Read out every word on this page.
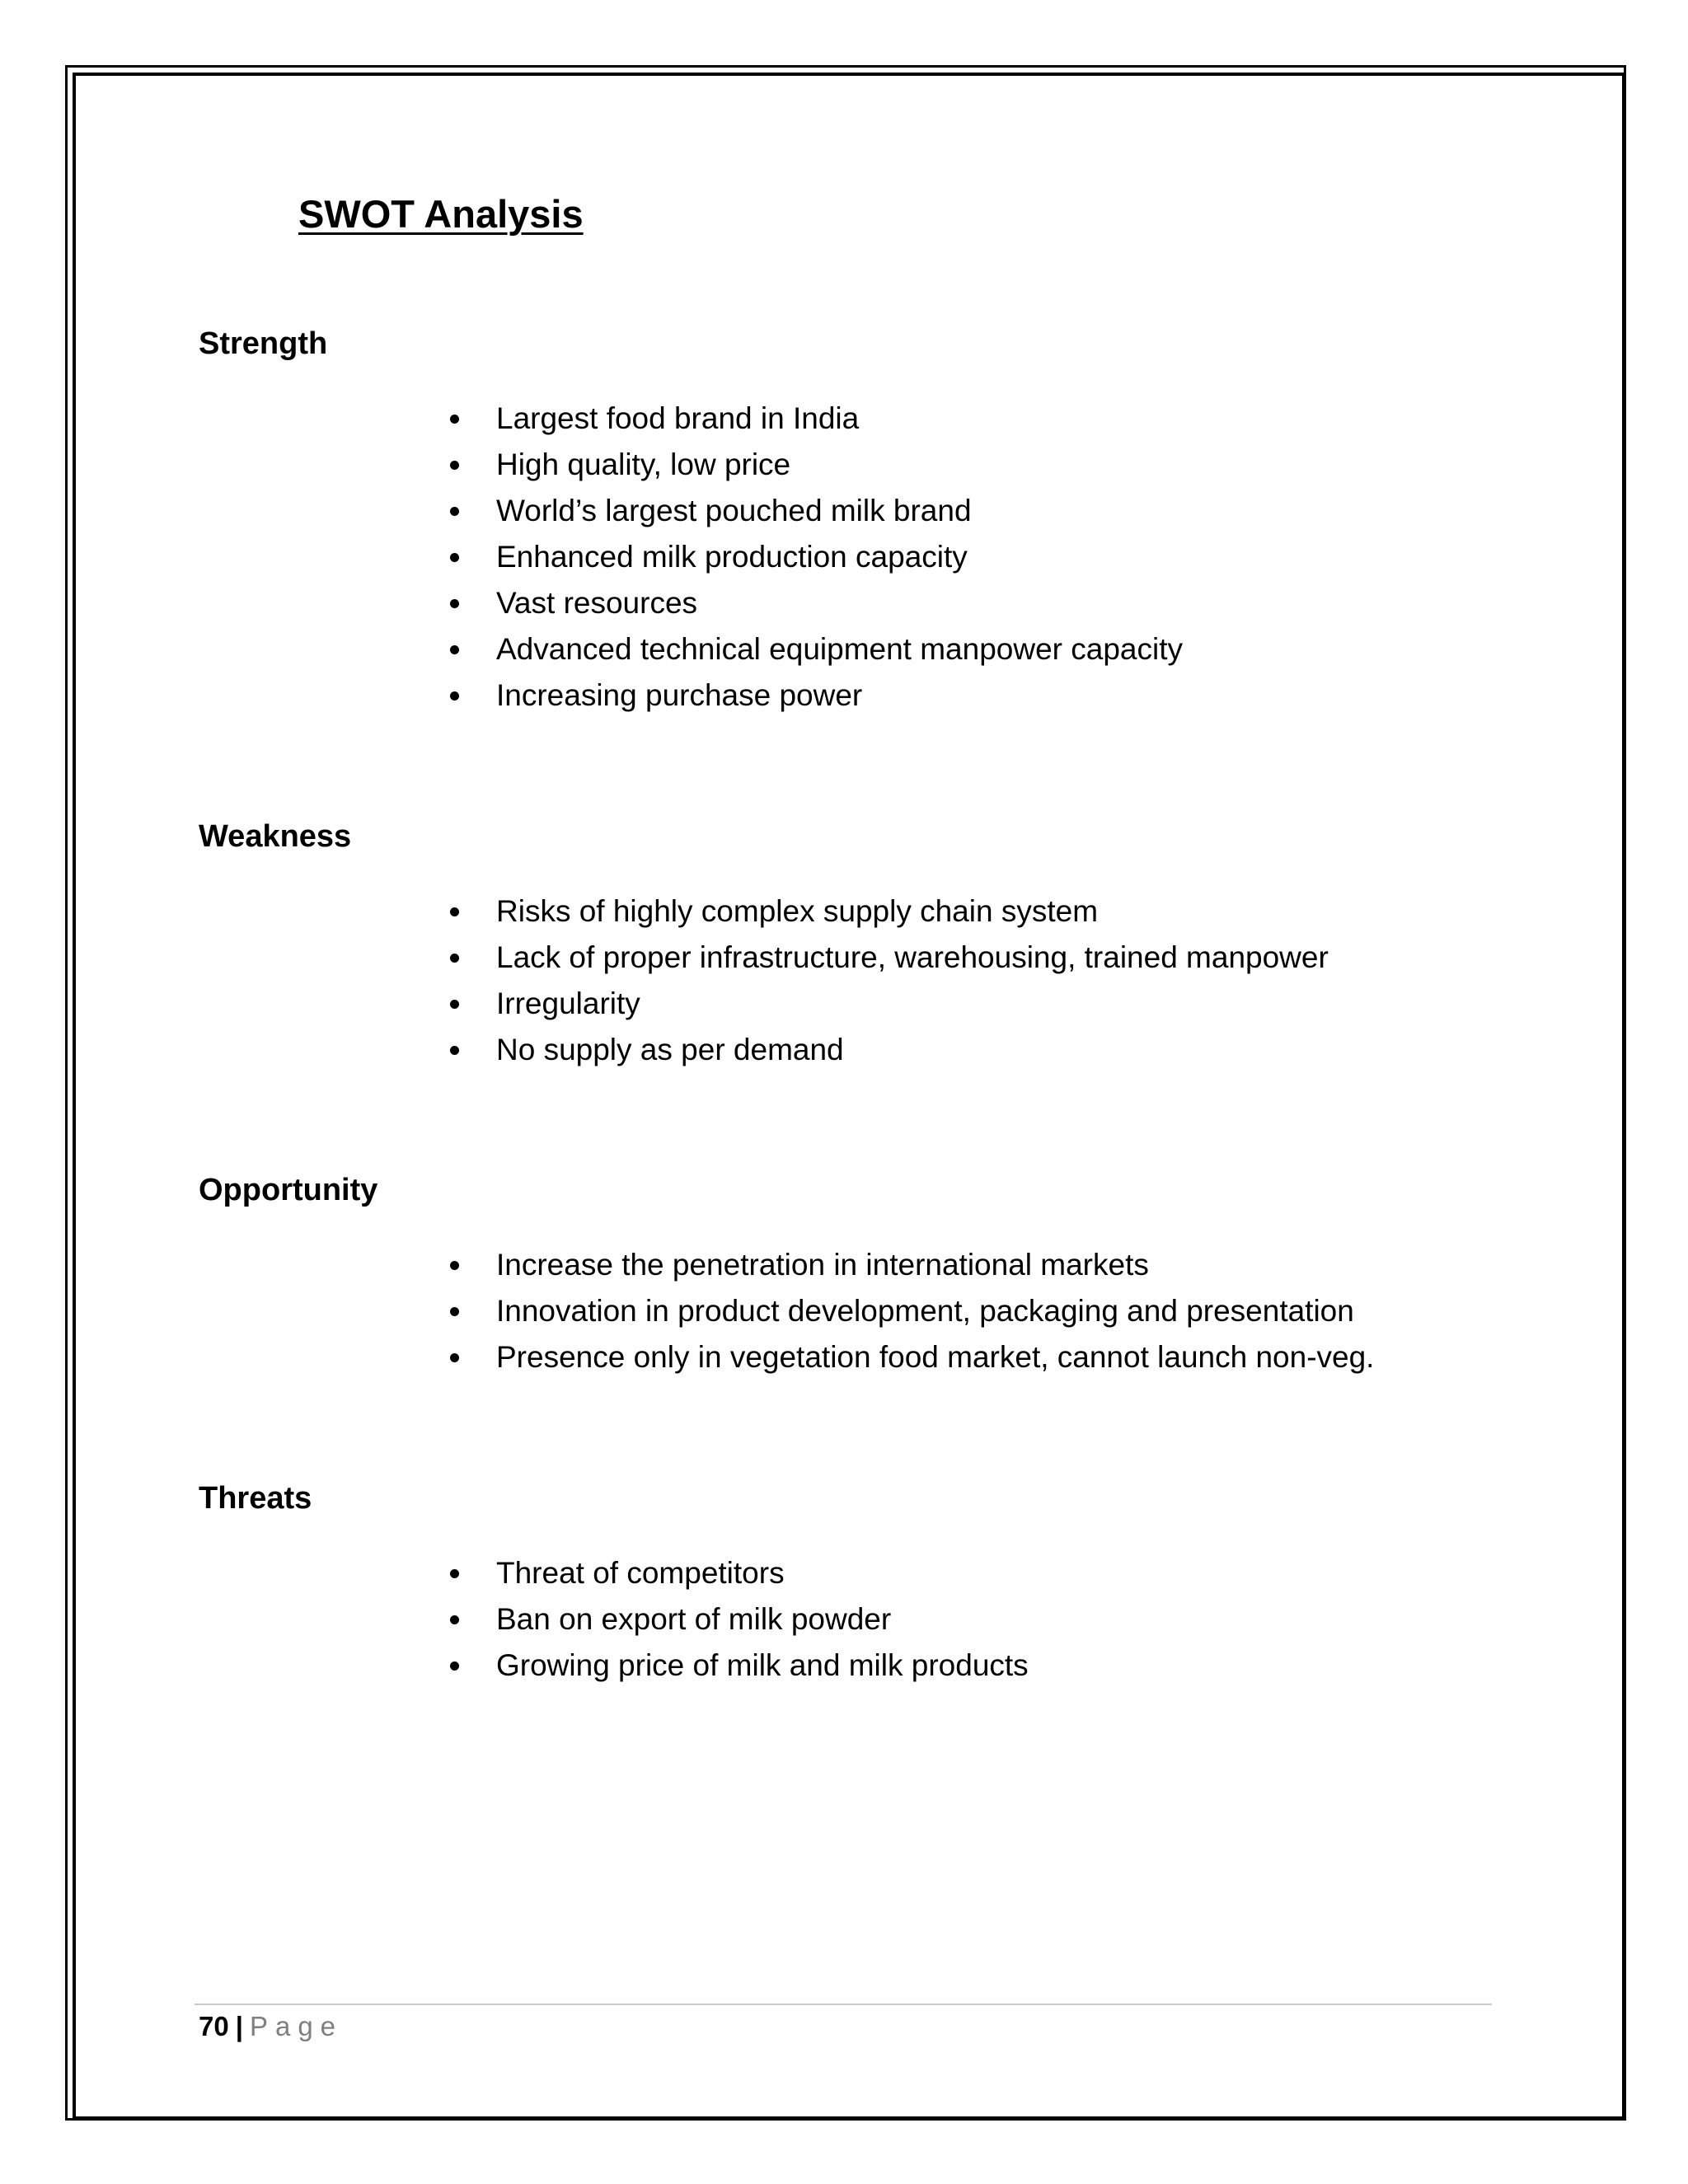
SWOT Analysis
Strength
Largest food brand in India
High quality, low price
World’s largest pouched milk brand
Enhanced milk production capacity
Vast resources
Advanced technical equipment manpower capacity
Increasing purchase power
Weakness
Risks of highly complex supply chain system
Lack of proper infrastructure, warehousing, trained manpower
Irregularity
No supply as per demand
Opportunity
Increase the penetration in international markets
Innovation in product development, packaging and presentation
Presence only in vegetation food market, cannot launch non-veg.
Threats
Threat of competitors
Ban on export of milk powder
Growing price of milk and milk products
70 | Page
